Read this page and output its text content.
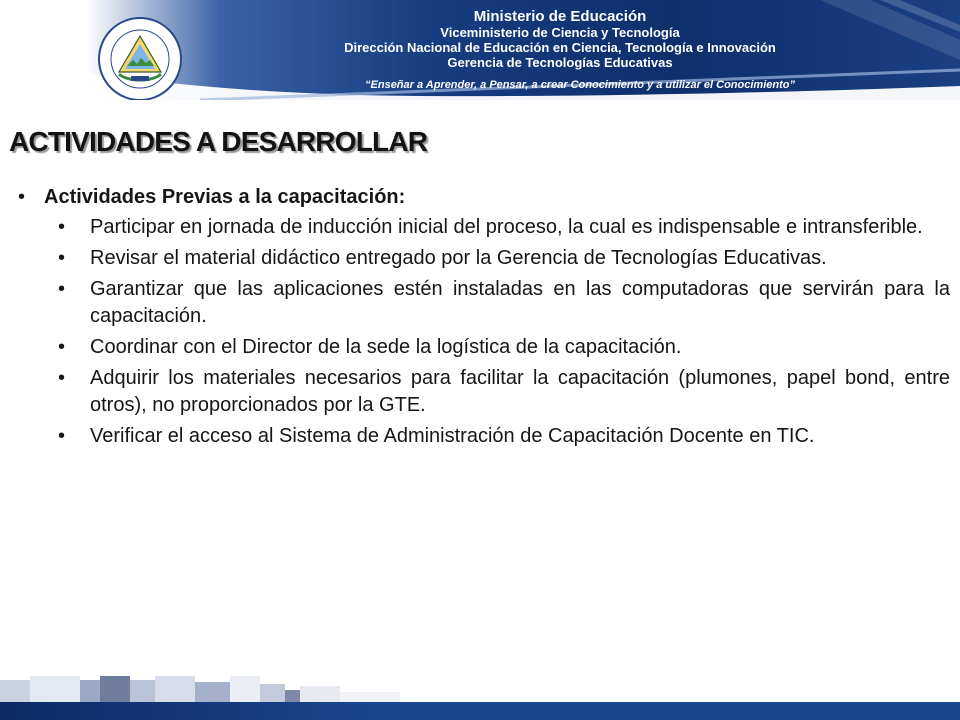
Ministerio de Educación
Viceministerio de Ciencia y Tecnología
Dirección Nacional de Educación en Ciencia, Tecnología e Innovación
Gerencia de Tecnologías Educativas
“Enseñar a Aprender, a Pensar, a crear Conocimiento y a utilizar el Conocimiento”
ACTIVIDADES A DESARROLLAR
• Actividades Previas a la capacitación:
•	Participar en jornada de inducción inicial del proceso, la cual es indispensable e intransferible.
•	Revisar el material didáctico entregado por la Gerencia de Tecnologías Educativas.
•	Garantizar que las aplicaciones estén instaladas en las computadoras que servirán para la capacitación.
•	Coordinar con el Director de la sede la logística de la capacitación.
•	Adquirir los materiales necesarios para facilitar la capacitación (plumones, papel bond, entre otros), no proporcionados por la GTE.
•	Verificar el acceso al Sistema de Administración de Capacitación Docente en TIC.
